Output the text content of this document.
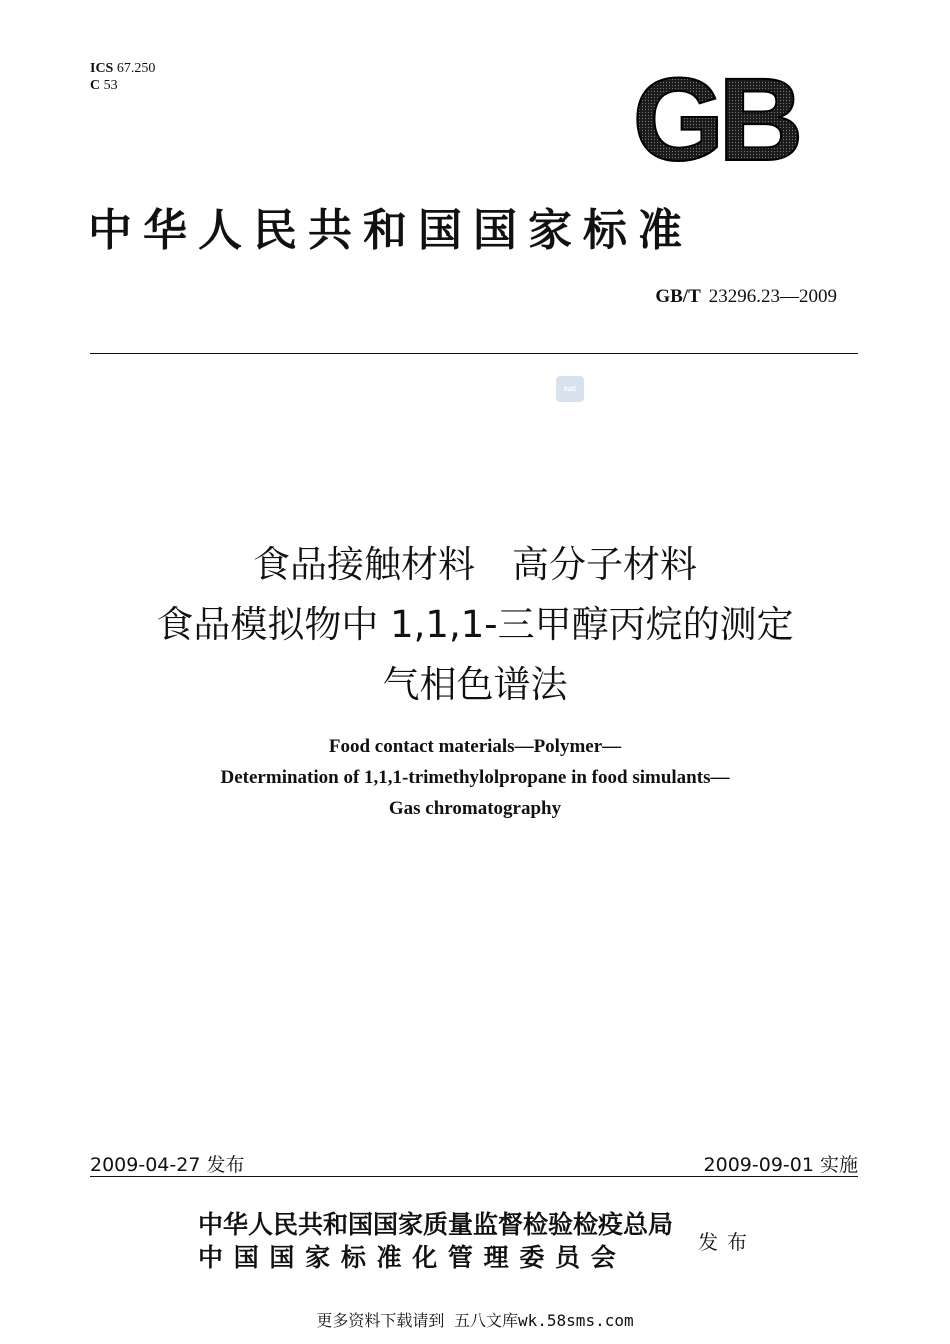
ICS 67.250
C 53	GB
中华人民共和国国家标准
GB/T 23296.23—2009
sac
食品接触材料　高分子材料
食品模拟物中 1,1,1-三甲醇丙烷的测定
气相色谱法
Food contact materials—Polymer—
Determination of 1,1,1-trimethylolpropane in food simulants—
Gas chromatography
2009-04-27 发布	2009-09-01 实施
中华人民共和国国家质量监督检验检疫总局
中 国 国 家 标 准 化 管 理 委 员 会
发布
更多资料下载请到 五八文库wk.58sms.com
